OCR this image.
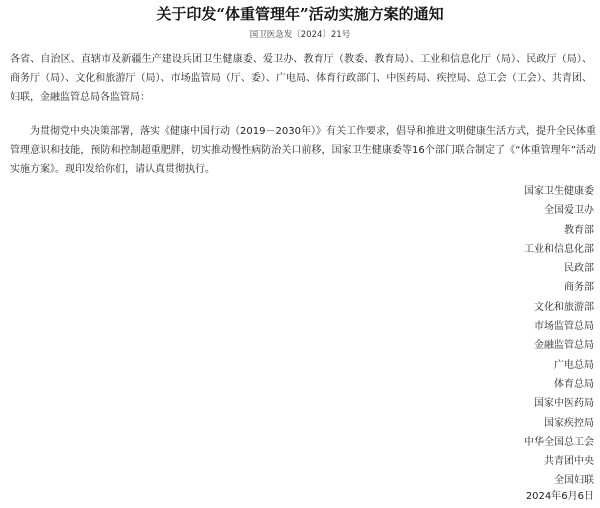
关于印发“体重管理年”活动实施方案的通知
国卫医急发〔2024〕21号
各省、自治区、直辖市及新疆生产建设兵团卫生健康委、爱卫办、教育厅（教委、教育局）、工业和信息化厅（局）、民政厅（局）、商务厅（局）、文化和旅游厅（局）、市场监管局（厅、委）、广电局、体育行政部门、中医药局、疾控局、总工会（工会）、共青团、妇联，金融监管总局各监管局：
为贯彻党中央决策部署，落实《健康中国行动（2019－2030年）》有关工作要求，倡导和推进文明健康生活方式，提升全民体重管理意识和技能，预防和控制超重肥胖，切实推动慢性病防治关口前移，国家卫生健康委等16个部门联合制定了《“体重管理年”活动实施方案》。现印发给你们，请认真贯彻执行。
国家卫生健康委
全国爱卫办
教育部
工业和信息化部
民政部
商务部
文化和旅游部
市场监管总局
金融监管总局
广电总局
体育总局
国家中医药局
国家疾控局
中华全国总工会
共青团中央
全国妇联
2024年6月6日
